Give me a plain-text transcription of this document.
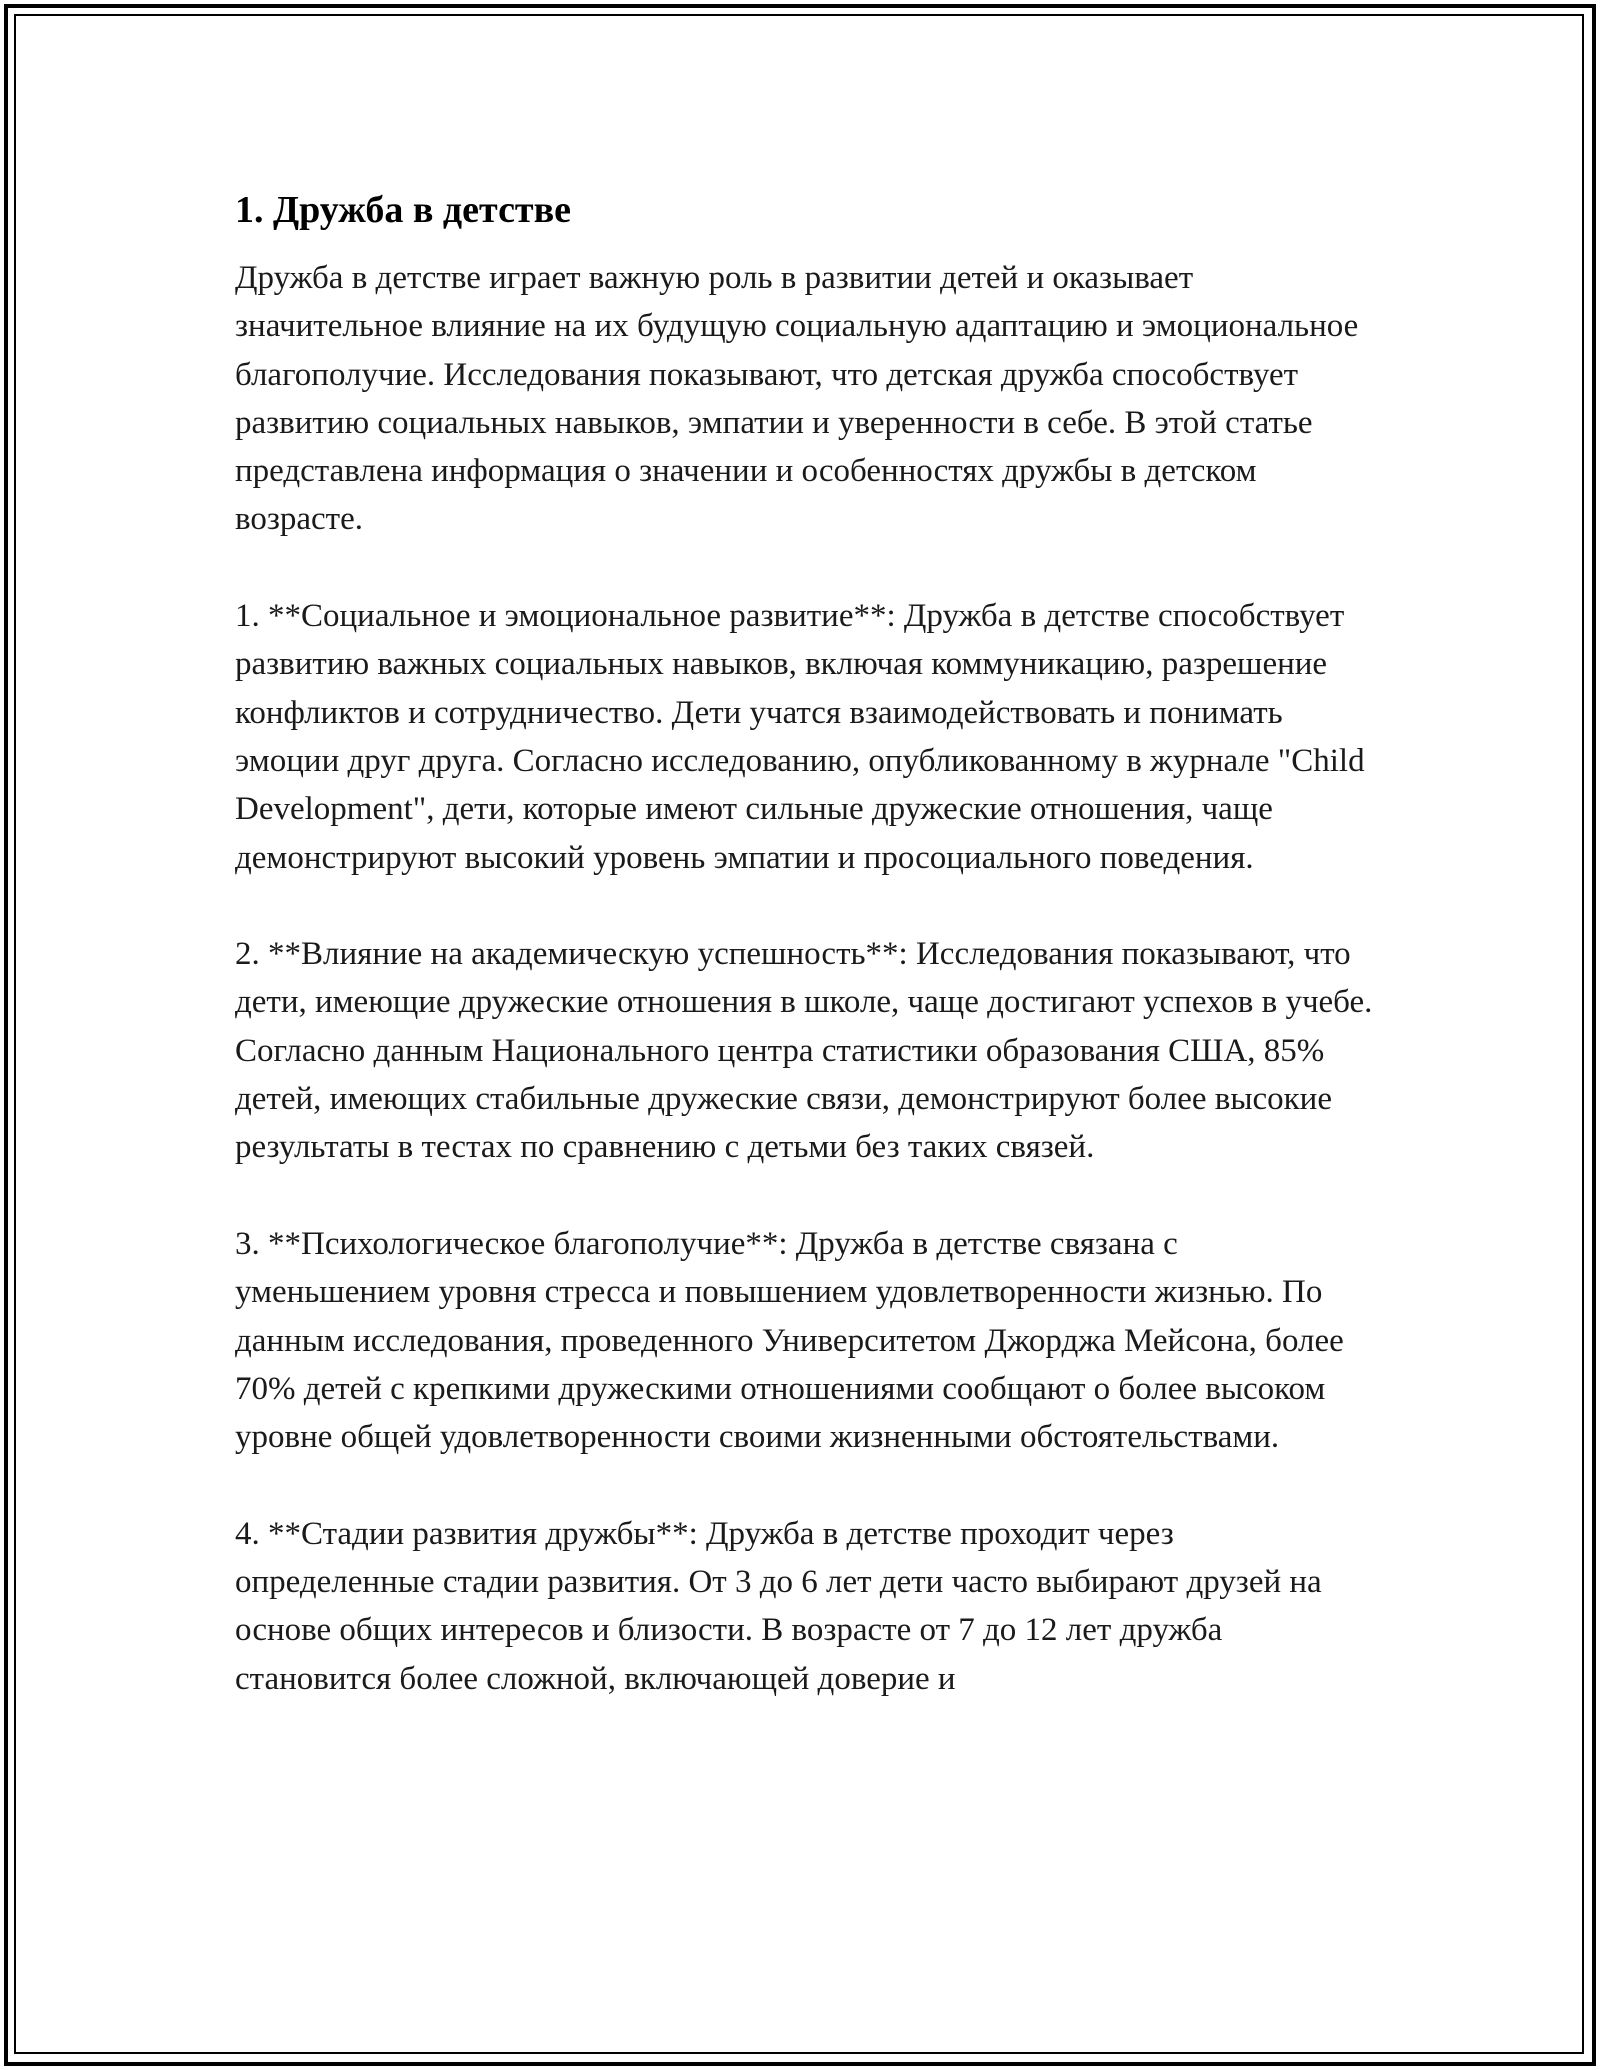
1. Дружба в детстве

Дружба в детстве играет важную роль в развитии детей и оказывает значительное влияние на их будущую социальную адаптацию и эмоциональное благополучие. Исследования показывают, что детская дружба способствует развитию социальных навыков, эмпатии и уверенности в себе. В этой статье представлена информация о значении и особенностях дружбы в детском возрасте.

1. **Социальное и эмоциональное развитие**: Дружба в детстве способствует развитию важных социальных навыков, включая коммуникацию, разрешение конфликтов и сотрудничество. Дети учатся взаимодействовать и понимать эмоции друг друга. Согласно исследованию, опубликованному в журнале "Child Development", дети, которые имеют сильные дружеские отношения, чаще демонстрируют высокий уровень эмпатии и просоциального поведения.

2. **Влияние на академическую успешность**: Исследования показывают, что дети, имеющие дружеские отношения в школе, чаще достигают успехов в учебе. Согласно данным Национального центра статистики образования США, 85% детей, имеющих стабильные дружеские связи, демонстрируют более высокие результаты в тестах по сравнению с детьми без таких связей.

3. **Психологическое благополучие**: Дружба в детстве связана с уменьшением уровня стресса и повышением удовлетворенности жизнью. По данным исследования, проведенного Университетом Джорджа Мейсона, более 70% детей с крепкими дружескими отношениями сообщают о более высоком уровне общей удовлетворенности своими жизненными обстоятельствами.

4. **Стадии развития дружбы**: Дружба в детстве проходит через определенные стадии развития. От 3 до 6 лет дети часто выбирают друзей на основе общих интересов и близости. В возрасте от 7 до 12 лет дружба становится более сложной, включающей доверие и
